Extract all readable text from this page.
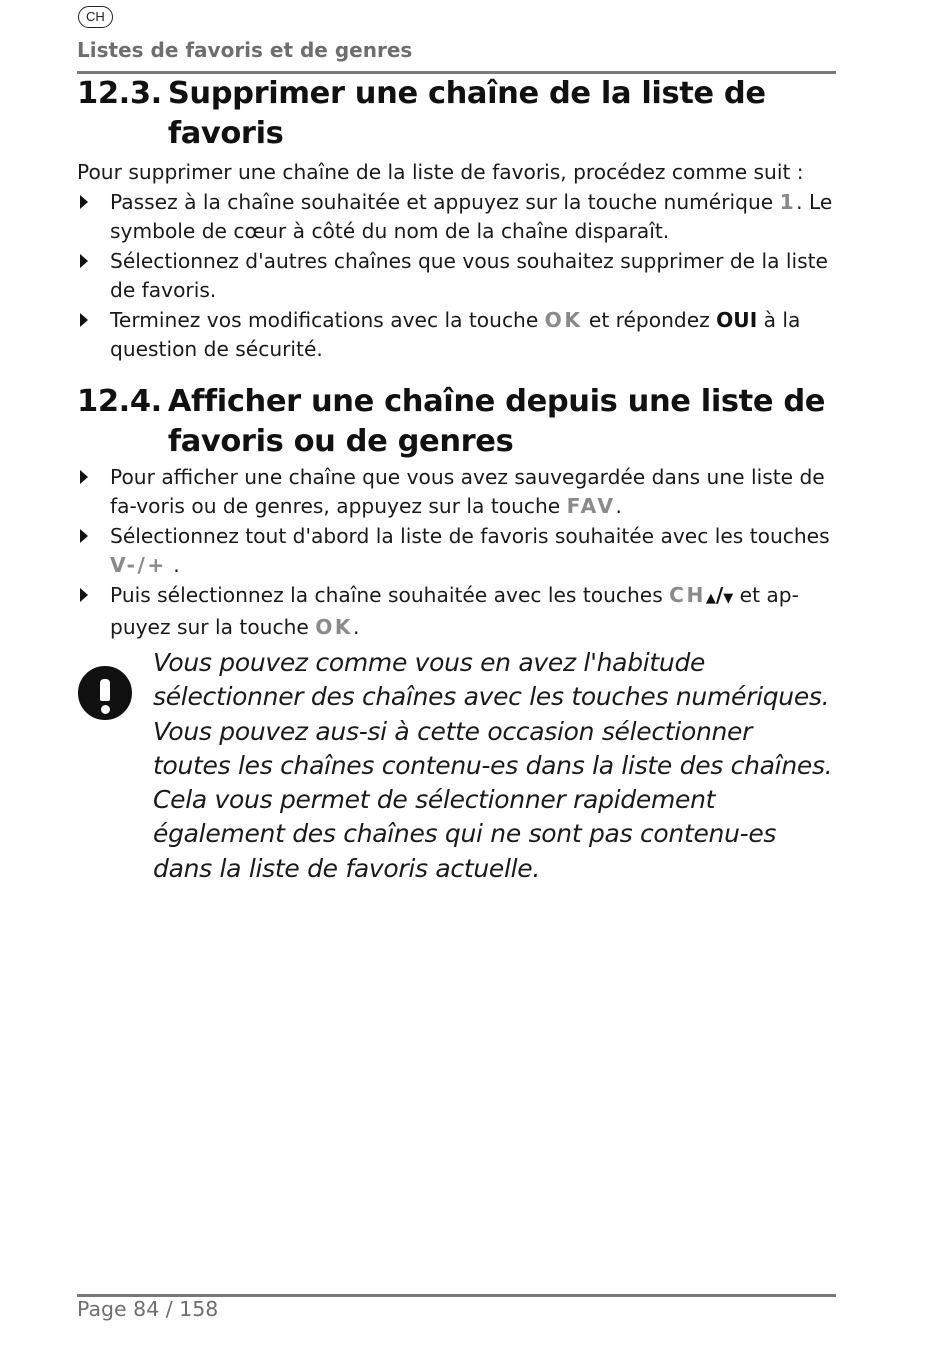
CH
Listes de favoris et de genres
12.3. Supprimer une chaîne de la liste de favoris

Pour supprimer une chaîne de la liste de favoris, procédez comme suit :

Passez à la chaîne souhaitée et appuyez sur la touche numérique 1. Le symbole de cœur à côté du nom de la chaîne disparaît.
Sélectionnez d'autres chaînes que vous souhaitez supprimer de la liste de favoris.
Terminez vos modifications avec la touche OK et répondez OUI à la question de sécurité.
12.4. Afficher une chaîne depuis une liste de favoris ou de genres
Pour afficher une chaîne que vous avez sauvegardée dans une liste de fa-voris ou de genres, appuyez sur la touche FAV.
Sélectionnez tout d'abord la liste de favoris souhaitée avec les touches V-/+ .
Puis sélectionnez la chaîne souhaitée avec les touches CH▲/▼ et ap-puyez sur la touche OK.
Vous pouvez comme vous en avez l'habitude sélectionner des chaînes avec les touches numériques. Vous pouvez aus-si à cette occasion sélectionner toutes les chaînes contenu-es dans la liste des chaînes. Cela vous permet de sélectionner rapidement également des chaînes qui ne sont pas contenu-es dans la liste de favoris actuelle.
Page 84 / 158
